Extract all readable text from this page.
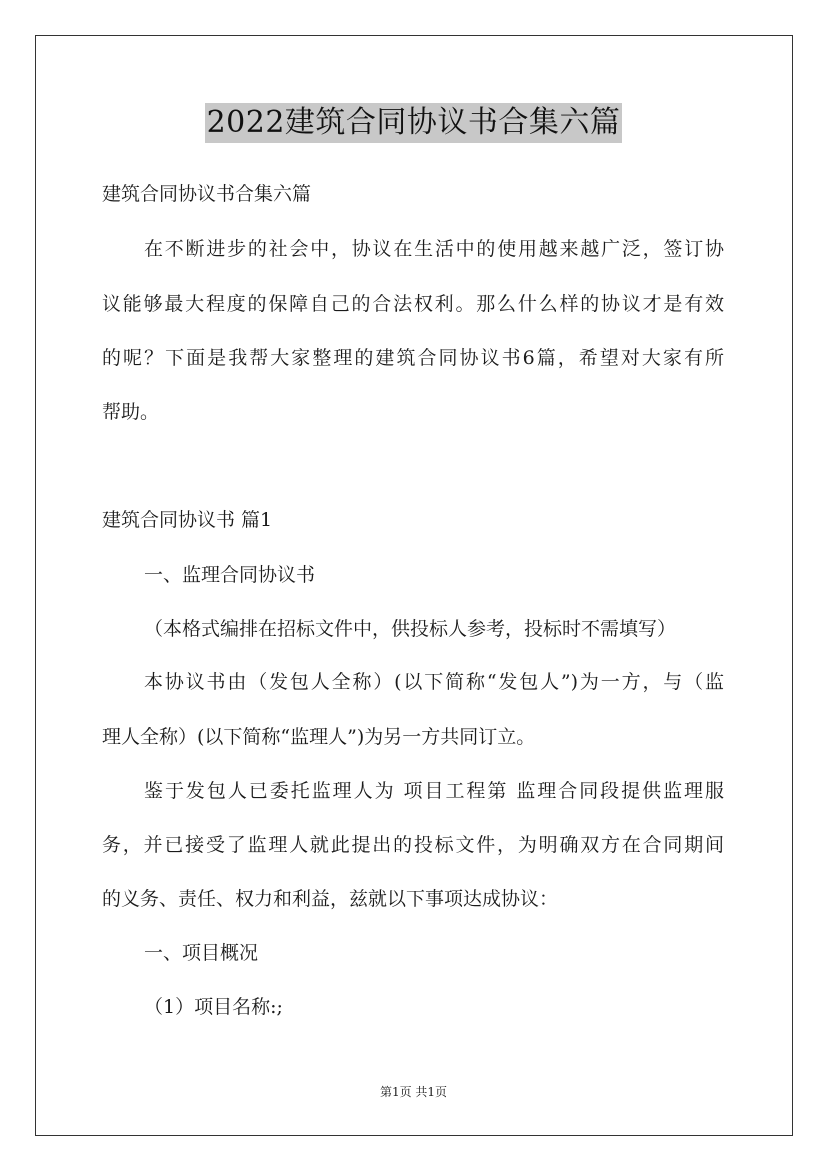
2022建筑合同协议书合集六篇
建筑合同协议书合集六篇
在不断进步的社会中，协议在生活中的使用越来越广泛，签订协
议能够最大程度的保障自己的合法权利。那么什么样的协议才是有效
的呢？下面是我帮大家整理的建筑合同协议书6篇，希望对大家有所
帮助。
建筑合同协议书 篇1
一、监理合同协议书
（本格式编排在招标文件中，供投标人参考，投标时不需填写）
本协议书由（发包人全称）(以下简称“发包人”)为一方，与（监
理人全称）(以下简称“监理人”)为另一方共同订立。
鉴于发包人已委托监理人为 项目工程第 监理合同段提供监理服
务，并已接受了监理人就此提出的投标文件，为明确双方在合同期间
的义务、责任、权力和利益，兹就以下事项达成协议：
一、项目概况
（1）项目名称:;
第1页 共1页
